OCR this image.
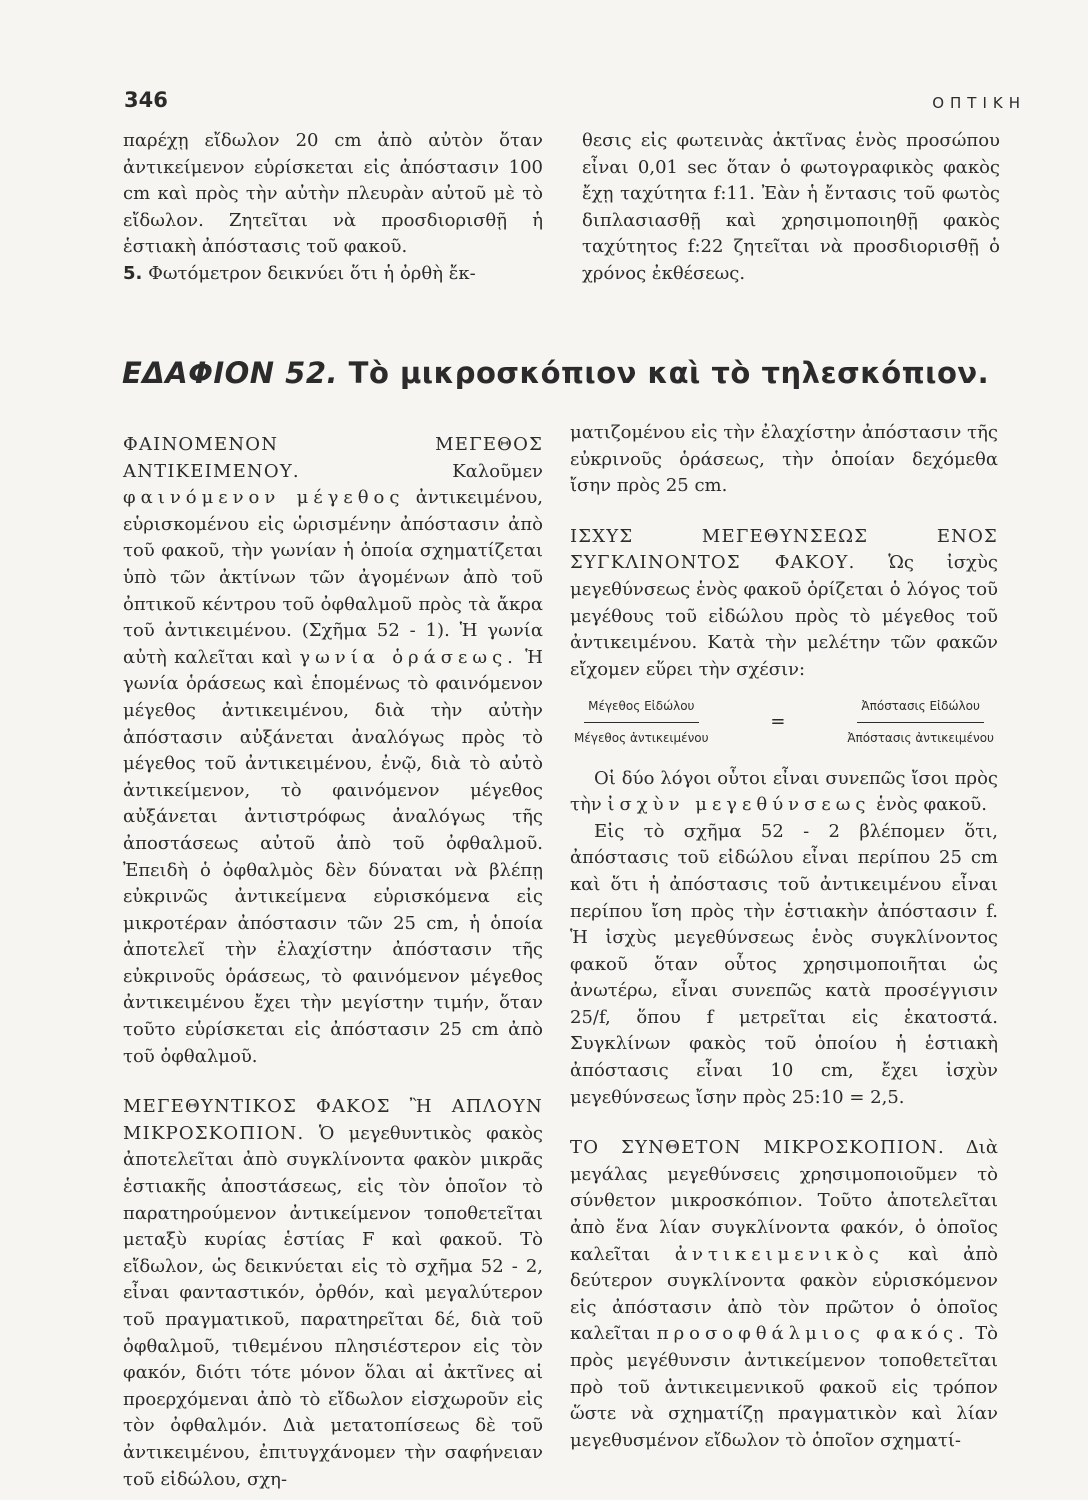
346	ΟΠΤΙΚΗ

παρέχῃ εἴδωλον 20 cm ἀπὸ αὐτὸν ὅταν ἀντικείμενον εὑρίσκεται εἰς ἀπόστασιν 100 cm καὶ πρὸς τὴν αὐτὴν πλευρὰν αὐτοῦ μὲ τὸ εἴδωλον. Ζητεῖται νὰ προσδιορισθῇ ἡ ἑστιακὴ ἀπόστασις τοῦ φακοῦ.

5. Φωτόμετρον δεικνύει ὅτι ἡ ὀρθὴ ἔκ-

θεσις εἰς φωτεινὰς ἀκτῖνας ἑνὸς προσώπου εἶναι 0,01 sec ὅταν ὁ φωτογραφικὸς φακὸς ἔχῃ ταχύτητα f:11. Ἐὰν ἡ ἔντασις τοῦ φωτὸς διπλασιασθῇ καὶ χρησιμοποιηθῇ φακὸς ταχύτητος f:22 ζητεῖται νὰ προσδιορισθῇ ὁ χρόνος ἐκθέσεως.

ΕΔΑΦΙΟΝ 52. Τὸ μικροσκόπιον καὶ τὸ τηλεσκόπιον.

ΦΑΙΝΟΜΕΝΟΝ ΜΕΓΕΘΟΣ ΑΝΤΙΚΕΙΜΕΝΟΥ.	Καλοῦμεν φαινόμενον μέγεθος ἀντικειμένου, εὑρισκομένου εἰς ὡρισμένην ἀπόστασιν ἀπὸ τοῦ φακοῦ, τὴν γωνίαν ἡ ὁποία σχηματίζεται ὑπὸ τῶν ἀκτίνων τῶν ἀγομένων ἀπὸ τοῦ ὀπτικοῦ κέντρου τοῦ ὀφθαλμοῦ πρὸς τὰ ἄκρα τοῦ ἀντικειμένου. (Σχῆμα 52 - 1). Ἡ γωνία αὐτὴ καλεῖται καὶ γωνία ὁράσεως. Ἡ γωνία ὁράσεως καὶ ἑπομένως τὸ φαινόμενον μέγεθος ἀντικειμένου, διὰ τὴν αὐτὴν ἀπόστασιν αὐξάνεται ἀναλόγως πρὸς τὸ μέγεθος τοῦ ἀντικειμένου, ἐνῷ, διὰ τὸ αὐτὸ ἀντικείμενον, τὸ φαινόμενον μέγεθος αὐξάνεται ἀντιστρόφως ἀναλόγως τῆς ἀποστάσεως αὐτοῦ ἀπὸ τοῦ ὀφθαλμοῦ. Ἐπειδὴ ὁ ὀφθαλμὸς δὲν δύναται νὰ βλέπῃ εὐκρινῶς ἀντικείμενα εὑρισκόμενα εἰς μικροτέραν ἀπόστασιν τῶν 25 cm, ἡ ὁποία ἀποτελεῖ τὴν ἐλαχίστην ἀπόστασιν τῆς εὐκρινοῦς ὁράσεως, τὸ φαινόμενον μέγεθος ἀντικειμένου ἔχει τὴν μεγίστην τιμήν, ὅταν τοῦτο εὑρίσκεται εἰς ἀπόστασιν 25 cm ἀπὸ τοῦ ὀφθαλμοῦ.

ΜΕΓΕΘΥΝΤΙΚΟΣ ΦΑΚΟΣ Ἢ ΑΠΛΟΥΝ ΜΙΚΡΟΣΚΟΠΙΟΝ. Ὁ μεγεθυντικὸς φακὸς ἀποτελεῖται ἀπὸ συγκλίνοντα φακὸν μικρᾶς ἑστιακῆς ἀποστάσεως, εἰς τὸν ὁποῖον τὸ παρατηρούμενον ἀντικείμενον τοποθετεῖται μεταξὺ κυρίας ἑστίας F καὶ φακοῦ. Τὸ εἴδωλον, ὡς δεικνύεται εἰς τὸ σχῆμα 52 - 2, εἶναι φανταστικόν, ὀρθόν, καὶ μεγαλύτερον τοῦ πραγματικοῦ, παρατηρεῖται δέ, διὰ τοῦ ὀφθαλμοῦ, τιθεμένου πλησιέστερον εἰς τὸν φακόν, διότι τότε μόνον ὅλαι αἱ ἀκτῖνες αἱ προερχόμεναι ἀπὸ τὸ εἴδωλον εἰσχωροῦν εἰς τὸν ὀφθαλμόν. Διὰ μετατοπίσεως δὲ τοῦ ἀντικειμένου, ἐπιτυγχάνομεν τὴν σαφήνειαν τοῦ εἰδώλου, σχη-

ματιζομένου εἰς τὴν ἐλαχίστην ἀπόστασιν τῆς εὐκρινοῦς ὁράσεως, τὴν ὁποίαν δεχόμεθα ἴσην πρὸς 25 cm.

ΙΣΧΥΣ ΜΕΓΕΘΥΝΣΕΩΣ ΕΝΟΣ ΣΥΓΚΛΙΝΟΝΤΟΣ ΦΑΚΟΥ. Ὡς ἰσχὺς μεγεθύνσεως ἑνὸς φακοῦ ὁρίζεται ὁ λόγος τοῦ μεγέθους τοῦ εἰδώλου πρὸς τὸ μέγεθος τοῦ ἀντικειμένου. Κατὰ τὴν μελέτην τῶν φακῶν εἴχομεν εὕρει τὴν σχέσιν:

$\frac{\text{Μέγεθος Εἰδώλου}}{\text{Μέγεθος ἀντικειμένου}}$	=	$\frac{\text{Ἀπόστασις Εἰδώλου}}{\text{Ἀπόστασις ἀντικειμένου}}$

Οἱ δύο λόγοι οὗτοι εἶναι συνεπῶς ἴσοι πρὸς τὴν ἰσχὺν μεγεθύνσεως ἑνὸς φακοῦ.

Εἰς τὸ σχῆμα 52 - 2 βλέπομεν ὅτι, ἀπόστασις τοῦ εἰδώλου εἶναι περίπου 25 cm καὶ ὅτι ἡ ἀπόστασις τοῦ ἀντικειμένου εἶναι περίπου ἴση πρὸς τὴν ἑστιακὴν ἀπόστασιν f. Ἡ ἰσχὺς μεγεθύνσεως ἑνὸς συγκλίνοντος φακοῦ ὅταν οὗτος χρησιμοποιῆται ὡς ἀνωτέρω, εἶναι συνεπῶς κατὰ προσέγγισιν 25/f, ὅπου f μετρεῖται εἰς ἑκατοστά. Συγκλίνων φακὸς τοῦ ὁποίου ἡ ἑστιακὴ ἀπόστασις εἶναι 10 cm, ἔχει ἰσχὺν μεγεθύνσεως ἴσην πρὸς 25:10 = 2,5.

ΤΟ ΣΥΝΘΕΤΟΝ ΜΙΚΡΟΣΚΟΠΙΟΝ. Διὰ μεγάλας μεγεθύνσεις χρησιμοποιοῦμεν τὸ σύνθετον μικροσκόπιον. Τοῦτο ἀποτελεῖται ἀπὸ ἕνα λίαν συγκλίνοντα φακόν, ὁ ὁποῖος καλεῖται ἀντικειμενικὸς καὶ ἀπὸ δεύτερον συγκλίνοντα φακὸν εὑρισκόμενον εἰς ἀπόστασιν ἀπὸ τὸν πρῶτον ὁ ὁποῖος καλεῖται προσοφθάλμιος φακός. Τὸ πρὸς μεγέθυνσιν ἀντικείμενον τοποθετεῖται πρὸ τοῦ ἀντικειμενικοῦ φακοῦ εἰς τρόπον ὥστε νὰ σχηματίζῃ πραγματικὸν καὶ λίαν μεγεθυσμένον εἴδωλον τὸ ὁποῖον σχηματί-
